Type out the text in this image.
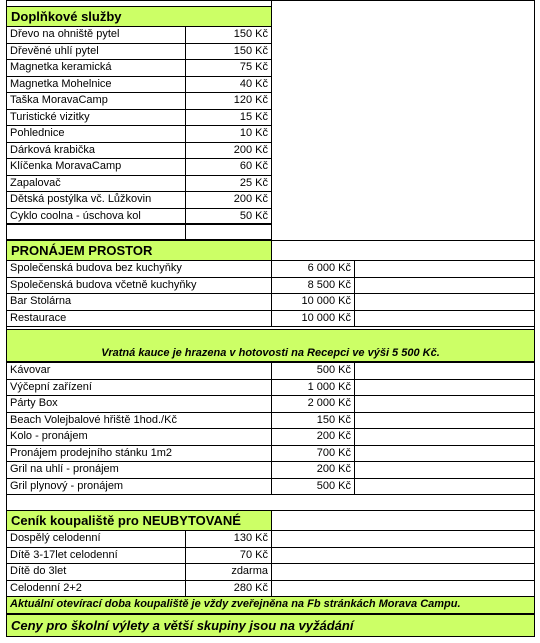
Doplňkové služby
Dřevo na ohniště pytel	150 Kč
Dřevěné uhlí pytel	150 Kč
Magnetka keramická	75 Kč
Magnetka Mohelnice	40 Kč
Taška MoravaCamp	120 Kč
Turistické vizitky	15 Kč
Pohlednice	10 Kč
Dárková krabička	200 Kč
Klíčenka MoravaCamp	60 Kč
Zapalovač	25 Kč
Dětská postýlka vč. Lůžkovin	200 Kč
Cyklo coolna - úschova kol	50 Kč
PRONÁJEM PROSTOR
Společenská budova bez kuchyňky	6 000 Kč
Společenská budova včetně kuchyňky	8 500 Kč
Bar Stolárna	10 000 Kč
Restaurace	10 000 Kč
Vratná kauce je hrazena v hotovosti na Recepci ve výši 5 500 Kč.
Kávovar	500 Kč
Výčepní zařízení	1 000 Kč
Párty Box	2 000 Kč
Beach Volejbalové hřiště 1hod./Kč	150 Kč
Kolo - pronájem	200 Kč
Pronájem prodejního stánku 1m2	700 Kč
Gril na uhlí - pronájem	200 Kč
Gril plynový - pronájem	500 Kč
Ceník koupaliště pro NEUBYTOVANÉ
Dospělý celodenní	130 Kč
Dítě 3-17let celodenní	70 Kč
Dítě do 3let	zdarma
Celodenní 2+2	280 Kč
Aktuální otevírací doba koupaliště je vždy zveřejněna na Fb stránkách Morava Campu.
Ceny pro školní výlety a větší skupiny jsou na vyžádání
